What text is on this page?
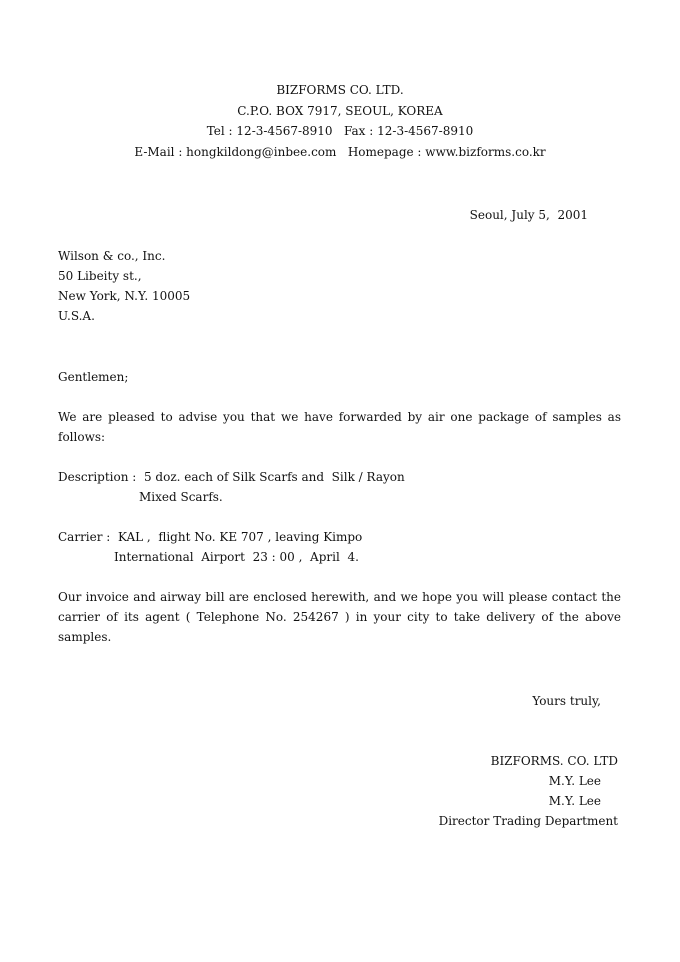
BIZFORMS CO. LTD.
C.P.O. BOX 7917, SEOUL, KOREA
Tel : 12-3-4567-8910   Fax : 12-3-4567-8910
E-Mail : hongkildong@inbee.com   Homepage : www.bizforms.co.kr
Seoul, July 5,  2001
Wilson & co., Inc.
50 Libeity st.,
New York, N.Y. 10005
U.S.A.
Gentlemen;
We are pleased to advise you that we have forwarded by air one package of samples as follows:
Description :  5 doz. each of Silk Scarfs and  Silk / Rayon
Mixed Scarfs.
Carrier :  KAL ,  flight No. KE 707 , leaving Kimpo
International  Airport  23 : 00 ,  April  4.
Our invoice and airway bill are enclosed herewith, and we hope you will please contact the carrier of its agent ( Telephone No. 254267 ) in your city to take delivery of the above samples.
Yours truly,
BIZFORMS. CO. LTD
M.Y. Lee
M.Y. Lee
Director Trading Department
